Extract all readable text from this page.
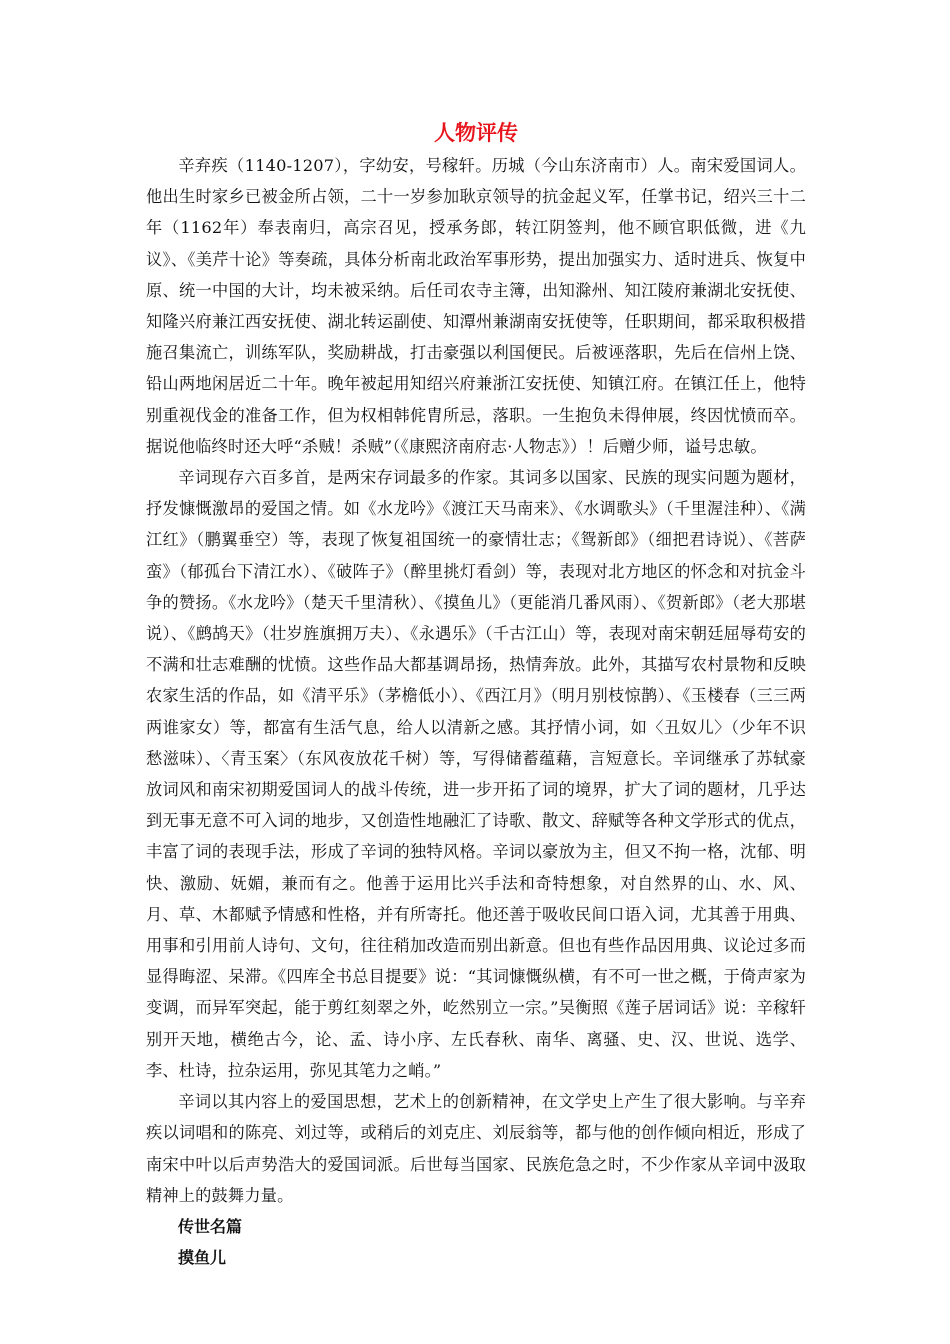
人物评传

辛弃疾（1140-1207），字幼安，号稼轩。历城（今山东济南市）人。南宋爱国词人。他出生时家乡已被金所占领，二十一岁参加耿京领导的抗金起义军，任掌书记，绍兴三十二年（1162年）奉表南归，高宗召见，授承务郎，转江阴签判，他不顾官职低微，进《九议》、《美芹十论》等奏疏，具体分析南北政治军事形势，提出加强实力、适时进兵、恢复中原、统一中国的大计，均未被采纳。后任司农寺主簿，出知滁州、知江陵府兼湖北安抚使、知隆兴府兼江西安抚使、湖北转运副使、知潭州兼湖南安抚使等，任职期间，都采取积极措施召集流亡，训练军队，奖励耕战，打击豪强以利国便民。后被诬落职，先后在信州上饶、铅山两地闲居近二十年。晚年被起用知绍兴府兼浙江安抚使、知镇江府。在镇江任上，他特别重视伐金的准备工作，但为权相韩侂胄所忌，落职。一生抱负未得伸展，终因忧愤而卒。据说他临终时还大呼“杀贼！杀贼”（《康熙济南府志·人物志》）！后赠少师，谥号忠敏。

辛词现存六百多首，是两宋存词最多的作家。其词多以国家、民族的现实问题为题材，抒发慷慨激昂的爱国之情。如《水龙吟》《渡江天马南来》、《水调歌头》（千里渥洼种）、《满江红》（鹏翼垂空）等，表现了恢复祖国统一的豪情壮志；《鸳新郎》（细把君诗说）、《菩萨蛮》（郁孤台下清江水）、《破阵子》（醉里挑灯看剑）等，表现对北方地区的怀念和对抗金斗争的赞扬。《水龙吟》（楚天千里清秋）、《摸鱼儿》（更能消几番风雨）、《贺新郎》（老大那堪说）、《鹧鸪天》（壮岁旌旗拥万夫）、《永遇乐》（千古江山）等，表现对南宋朝廷屈辱苟安的不满和壮志难酬的忧愤。这些作品大都基调昂扬，热情奔放。此外，其描写农村景物和反映农家生活的作品，如《清平乐》（茅檐低小）、《西江月》（明月别枝惊鹊）、《玉楼春（三三两两谁家女）等，都富有生活气息，给人以清新之感。其抒情小词，如〈丑奴儿〉（少年不识愁滋味）、〈青玉案〉（东风夜放花千树）等，写得储蓄蕴藉，言短意长。辛词继承了苏轼豪放词风和南宋初期爱国词人的战斗传统，进一步开拓了词的境界，扩大了词的题材，几乎达到无事无意不可入词的地步，又创造性地融汇了诗歌、散文、辞赋等各种文学形式的优点，丰富了词的表现手法，形成了辛词的独特风格。辛词以豪放为主，但又不拘一格，沈郁、明快、激励、妩媚，兼而有之。他善于运用比兴手法和奇特想象，对自然界的山、水、风、月、草、木都赋予情感和性格，并有所寄托。他还善于吸收民间口语入词，尤其善于用典、用事和引用前人诗句、文句，往往稍加改造而别出新意。但也有些作品因用典、议论过多而显得晦涩、呆滞。《四库全书总目提要》说：“其词慷慨纵横，有不可一世之概，于倚声家为变调，而异军突起，能于剪红刻翠之外，屹然别立一宗。”吴衡照《莲子居词话》说：辛稼轩别开天地，横绝古今，论、孟、诗小序、左氏春秋、南华、离骚、史、汉、世说、选学、李、杜诗，拉杂运用，弥见其笔力之峭。”

辛词以其内容上的爱国思想，艺术上的创新精神，在文学史上产生了很大影响。与辛弃疾以词唱和的陈亮、刘过等，或稍后的刘克庄、刘辰翁等，都与他的创作倾向相近，形成了南宋中叶以后声势浩大的爱国词派。后世每当国家、民族危急之时，不少作家从辛词中汲取精神上的鼓舞力量。

传世名篇

摸鱼儿
